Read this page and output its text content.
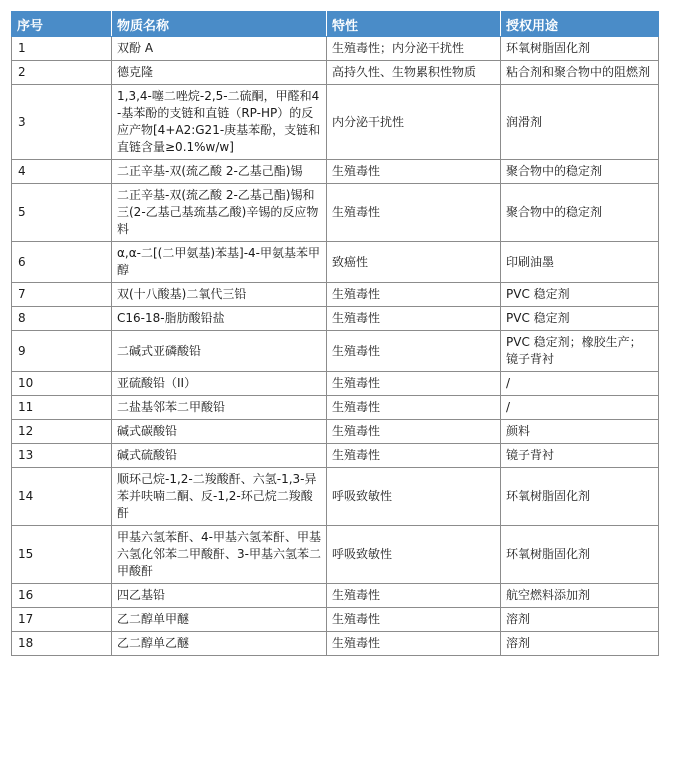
序号	物质名称	特性	授权用途
1	双酚 A	生殖毒性；内分泌干扰性	环氧树脂固化剂
2	德克隆	高持久性、生物累积性物质	粘合剂和聚合物中的阻燃剂
3	1,3,4-噻二唑烷-2,5-二硫酮，甲醛和4-基苯酚的支链和直链（RP-HP）的反应产物[4+A2:G21-庚基苯酚，支链和直链含量≥0.1%w/w]	内分泌干扰性	润滑剂
4	二正辛基-双(巯乙酸 2-乙基己酯)锡	生殖毒性	聚合物中的稳定剂
5	二正辛基-双(巯乙酸 2-乙基己酯)锡和三(2-乙基己基巯基乙酸)辛锡的反应物料	生殖毒性	聚合物中的稳定剂
6	α,α-二[(二甲氨基)苯基]-4-甲氨基苯甲醇	致癌性	印刷油墨
7	双(十八酸基)二氧代三铅	生殖毒性	PVC 稳定剂
8	C16-18-脂肪酸铅盐	生殖毒性	PVC 稳定剂
9	二碱式亚磷酸铅	生殖毒性	PVC 稳定剂；橡胶生产；镜子背衬
10	亚硫酸铅（II）	生殖毒性	/
11	二盐基邻苯二甲酸铅	生殖毒性	/
12	碱式碳酸铅	生殖毒性	颜料
13	碱式硫酸铅	生殖毒性	镜子背衬
14	顺环己烷-1,2-二羧酸酐、六氢-1,3-异苯并呋喃二酮、反-1,2-环己烷二羧酸酐	呼吸致敏性	环氧树脂固化剂
15	甲基六氢苯酐、4-甲基六氢苯酐、甲基六氢化邻苯二甲酸酐、3-甲基六氢苯二甲酸酐	呼吸致敏性	环氧树脂固化剂
16	四乙基铅	生殖毒性	航空燃料添加剂
17	乙二醇单甲醚	生殖毒性	溶剂
18	乙二醇单乙醚	生殖毒性	溶剂
